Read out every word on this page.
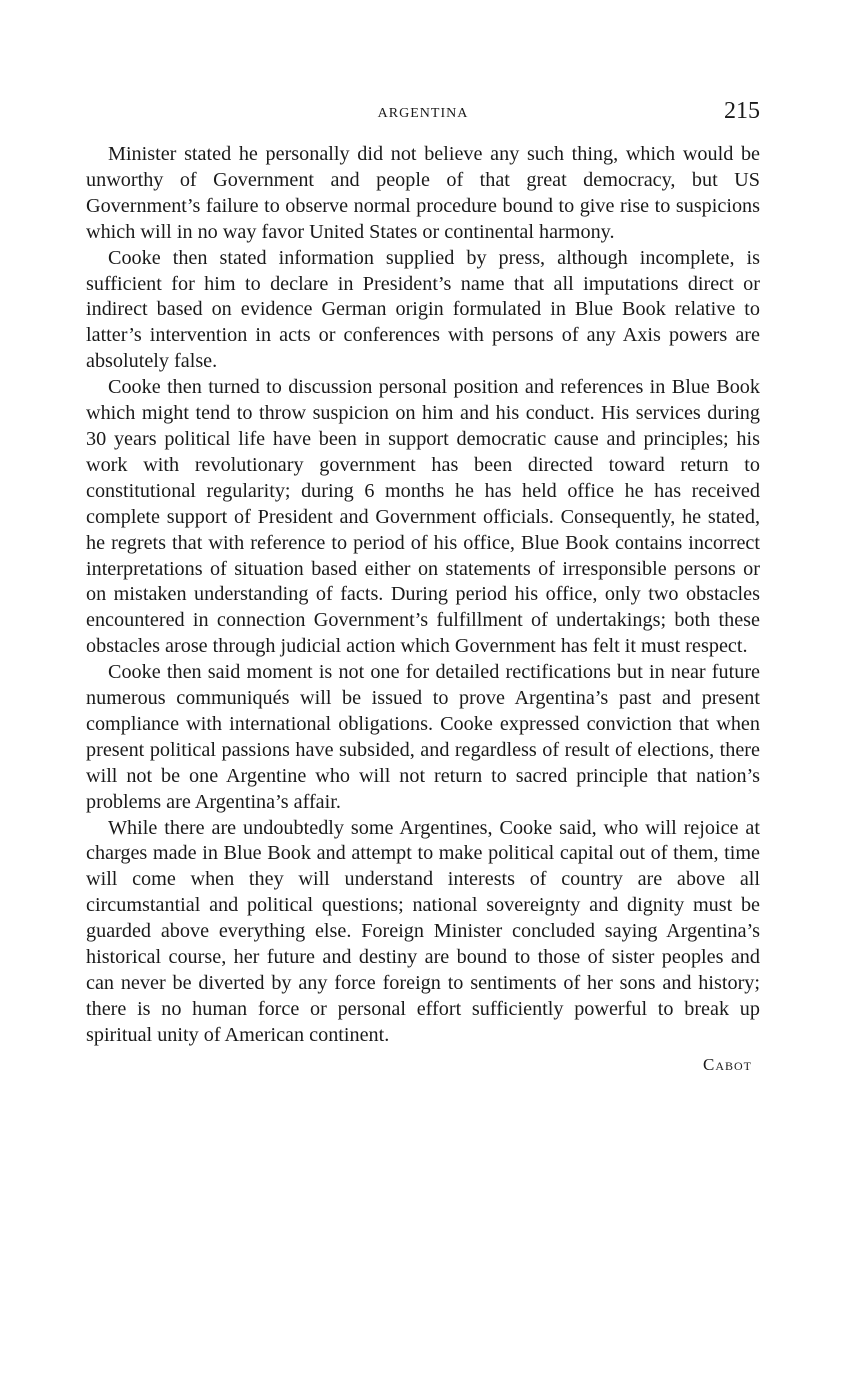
ARGENTINA	215

Minister stated he personally did not believe any such thing, which would be unworthy of Government and people of that great democracy, but US Government’s failure to observe normal procedure bound to give rise to suspicions which will in no way favor United States or continental harmony.

Cooke then stated information supplied by press, although incomplete, is sufficient for him to declare in President’s name that all imputations direct or indirect based on evidence German origin formulated in Blue Book relative to latter’s intervention in acts or conferences with persons of any Axis powers are absolutely false.

Cooke then turned to discussion personal position and references in Blue Book which might tend to throw suspicion on him and his conduct. His services during 30 years political life have been in support democratic cause and principles; his work with revolutionary government has been directed toward return to constitutional regularity; during 6 months he has held office he has received complete support of President and Government officials. Consequently, he stated, he regrets that with reference to period of his office, Blue Book contains incorrect interpretations of situation based either on statements of irresponsible persons or on mistaken understanding of facts. During period his office, only two obstacles encountered in connection Government’s fulfillment of undertakings; both these obstacles arose through judicial action which Government has felt it must respect.

Cooke then said moment is not one for detailed rectifications but in near future numerous communiqués will be issued to prove Argentina’s past and present compliance with international obligations. Cooke expressed conviction that when present political passions have subsided, and regardless of result of elections, there will not be one Argentine who will not return to sacred principle that nation’s problems are Argentina’s affair.

While there are undoubtedly some Argentines, Cooke said, who will rejoice at charges made in Blue Book and attempt to make political capital out of them, time will come when they will understand interests of country are above all circumstantial and political questions; national sovereignty and dignity must be guarded above everything else. Foreign Minister concluded saying Argentina’s historical course, her future and destiny are bound to those of sister peoples and can never be diverted by any force foreign to sentiments of her sons and history; there is no human force or personal effort sufficiently powerful to break up spiritual unity of American continent.

Cabot
